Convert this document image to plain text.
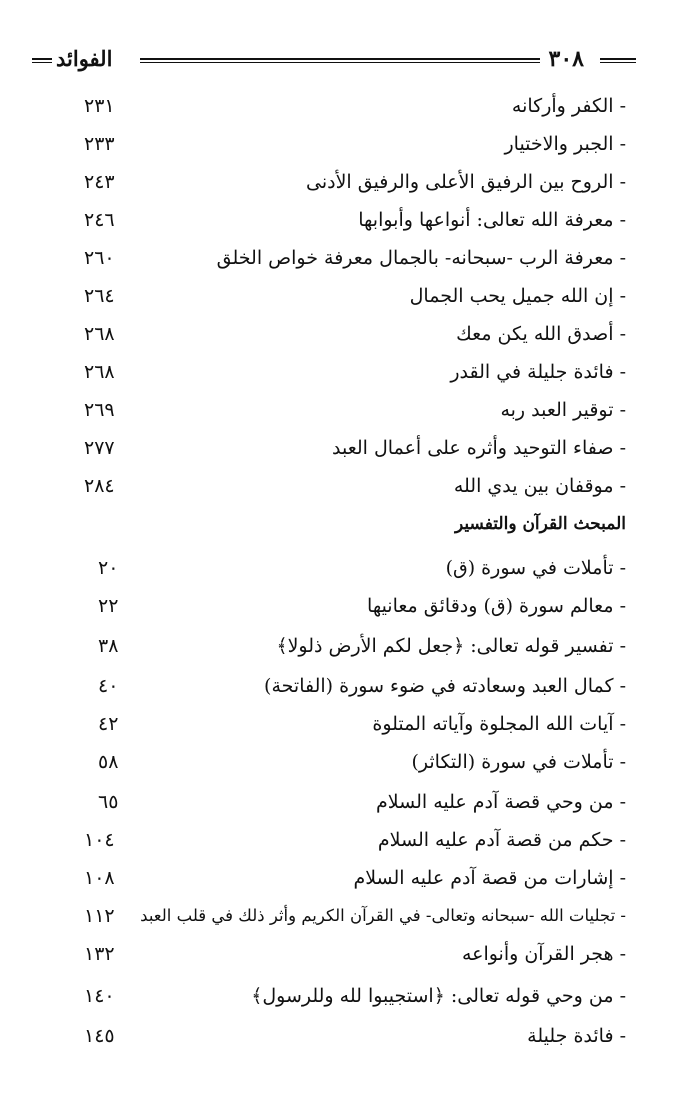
٣٠٨
الفوائد
- الكفر وأركانه
٢٣١
- الجبر والاختيار
٢٣٣
- الروح بين الرفيق الأعلى والرفيق الأدنى
٢٤٣
- معرفة الله تعالى: أنواعها وأبوابها
٢٤٦
- معرفة الرب -سبحانه- بالجمال معرفة خواص الخلق
٢٦٠
- إن الله جميل يحب الجمال
٢٦٤
- أصدق الله يكن معك
٢٦٨
- فائدة جليلة في القدر
٢٦٨
- توقير العبد ربه
٢٦٩
- صفاء التوحيد وأثره على أعمال العبد
٢٧٧
- موقفان بين يدي الله
٢٨٤
المبحث القرآن والتفسير
- تأملات في سورة (ق)
٢٠
- معالم سورة (ق) ودقائق معانيها
٢٢
- تفسير قوله تعالى: ﴿جعل لكم الأرض ذلولا﴾
٣٨
- كمال العبد وسعادته في ضوء سورة (الفاتحة)
٤٠
- آيات الله المجلوة وآياته المتلوة
٤٢
- تأملات في سورة (التكاثر)
٥٨
- من وحي قصة آدم عليه السلام
٦٥
- حكم من قصة آدم عليه السلام
١٠٤
- إشارات من قصة آدم عليه السلام
١٠٨
- تجليات الله -سبحانه وتعالى- في القرآن الكريم وأثر ذلك في قلب العبد
١١٢
- هجر القرآن وأنواعه
١٣٢
- من وحي قوله تعالى: ﴿استجيبوا لله وللرسول﴾
١٤٠
- فائدة جليلة
١٤٥
